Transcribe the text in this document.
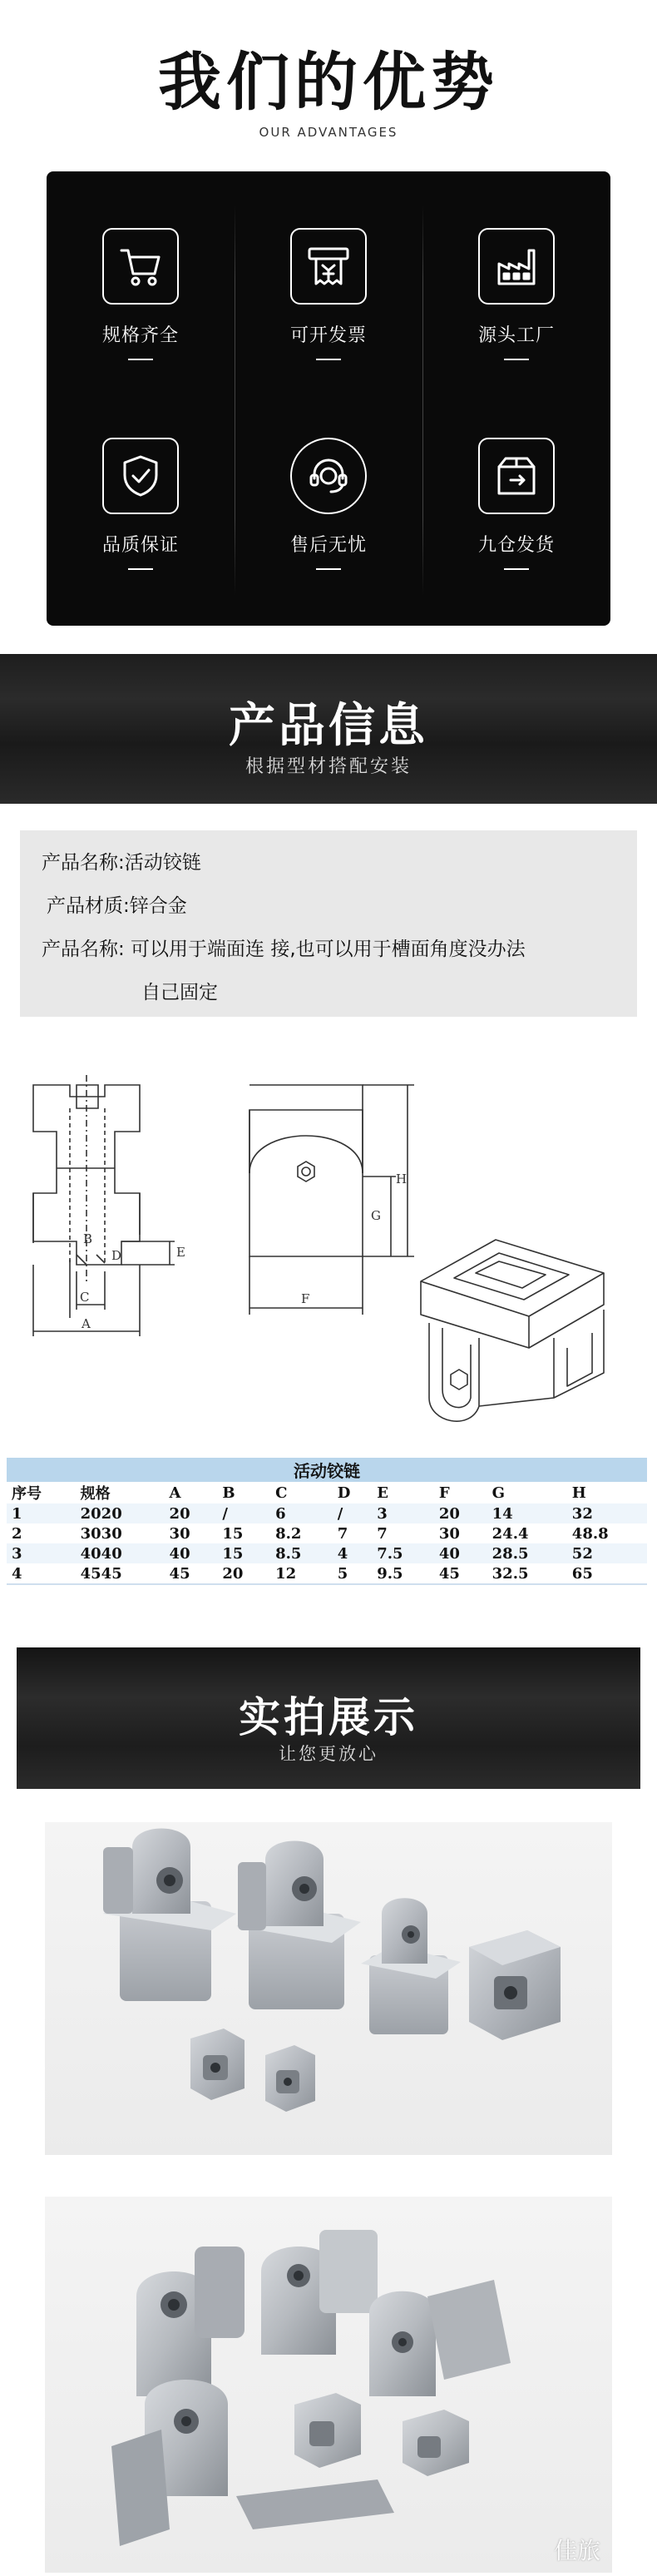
我们的优势
OUR ADVANTAGES
规格齐全	可开发票	源头工厂
品质保证	售后无忧	九仓发货
产品信息
根据型材搭配安装
产品名称:活动铰链
产品材质:锌合金
产品名称: 可以用于端面连 接,也可以用于槽面角度没办法
自己固定
E
B
D
C
A
H
G
F
活动铰链									
序号	规格	A	B	C	D	E	F	G	H
1	2020	20	/	6	/	3	20	14	32
2	3030	30	15	8.2	7	7	30	24.4	48.8
3	4040	40	15	8.5	4	7.5	40	28.5	52
4	4545	45	20	12	5	9.5	45	32.5	65
实拍展示
让您更放心
佳旅
